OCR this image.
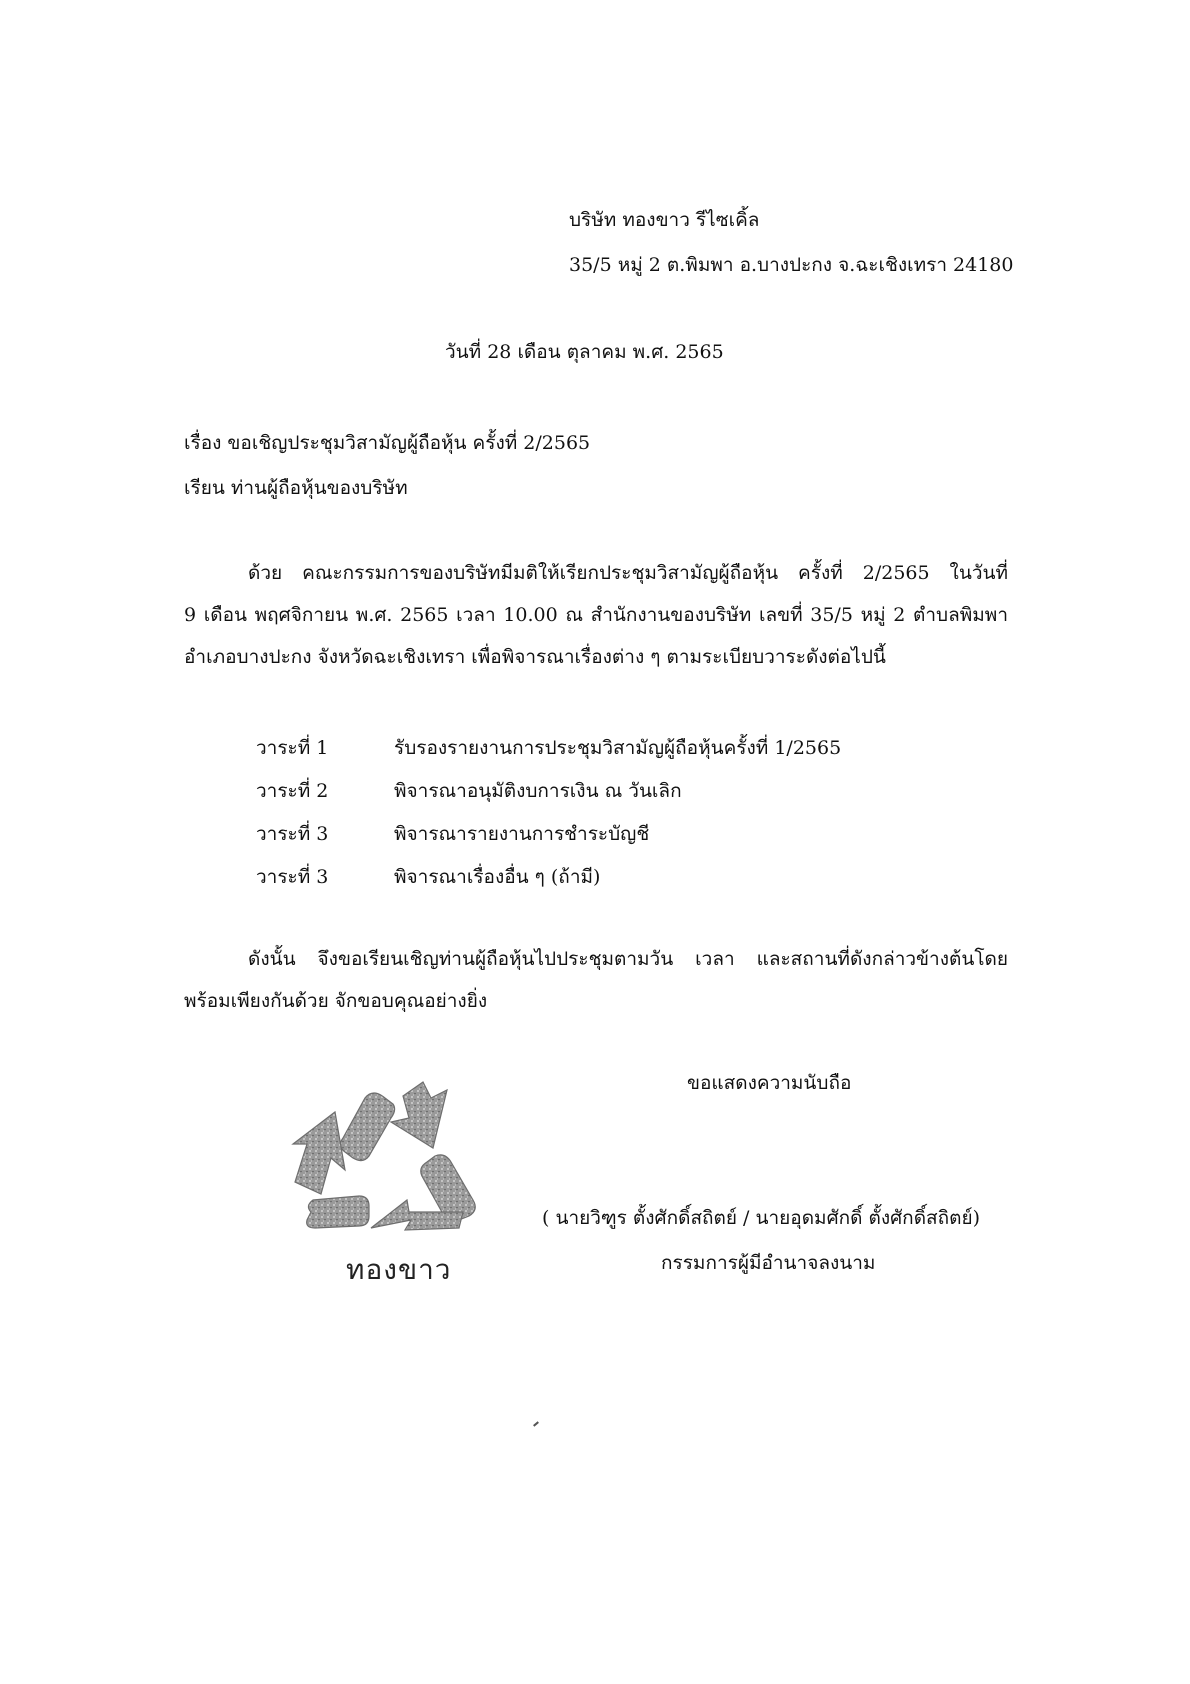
บริษัท ทองขาว รีไซเคิ้ล
35/5 หมู่ 2 ต.พิมพา อ.บางปะกง จ.ฉะเชิงเทรา 24180
วันที่ 28 เดือน ตุลาคม พ.ศ. 2565
เรื่อง ขอเชิญประชุมวิสามัญผู้ถือหุ้น ครั้งที่ 2/2565
เรียน ท่านผู้ถือหุ้นของบริษัท
ด้วย คณะกรรมการของบริษัทมีมติให้เรียกประชุมวิสามัญผู้ถือหุ้น ครั้งที่ 2/2565 ในวันที่
9 เดือน พฤศจิกายน พ.ศ. 2565 เวลา 10.00 ณ สำนักงานของบริษัท เลขที่ 35/5 หมู่ 2 ตำบลพิมพา
อำเภอบางปะกง จังหวัดฉะเชิงเทรา เพื่อพิจารณาเรื่องต่าง ๆ ตามระเบียบวาระดังต่อไปนี้
วาระที่ 1	รับรองรายงานการประชุมวิสามัญผู้ถือหุ้นครั้งที่ 1/2565
วาระที่ 2	พิจารณาอนุมัติงบการเงิน ณ วันเลิก
วาระที่ 3	พิจารณารายงานการชำระบัญชี
วาระที่ 3	พิจารณาเรื่องอื่น ๆ (ถ้ามี)
ดังนั้น จึงขอเรียนเชิญท่านผู้ถือหุ้นไปประชุมตามวัน เวลา และสถานที่ดังกล่าวข้างต้นโดย
พร้อมเพียงกันด้วย จักขอบคุณอย่างยิ่ง
ทองขาว
ขอแสดงความนับถือ
( นายวิฑูร ตั้งศักดิ์สถิตย์ / นายอุดมศักดิ์ ตั้งศักดิ์สถิตย์)
กรรมการผู้มีอำนาจลงนาม
